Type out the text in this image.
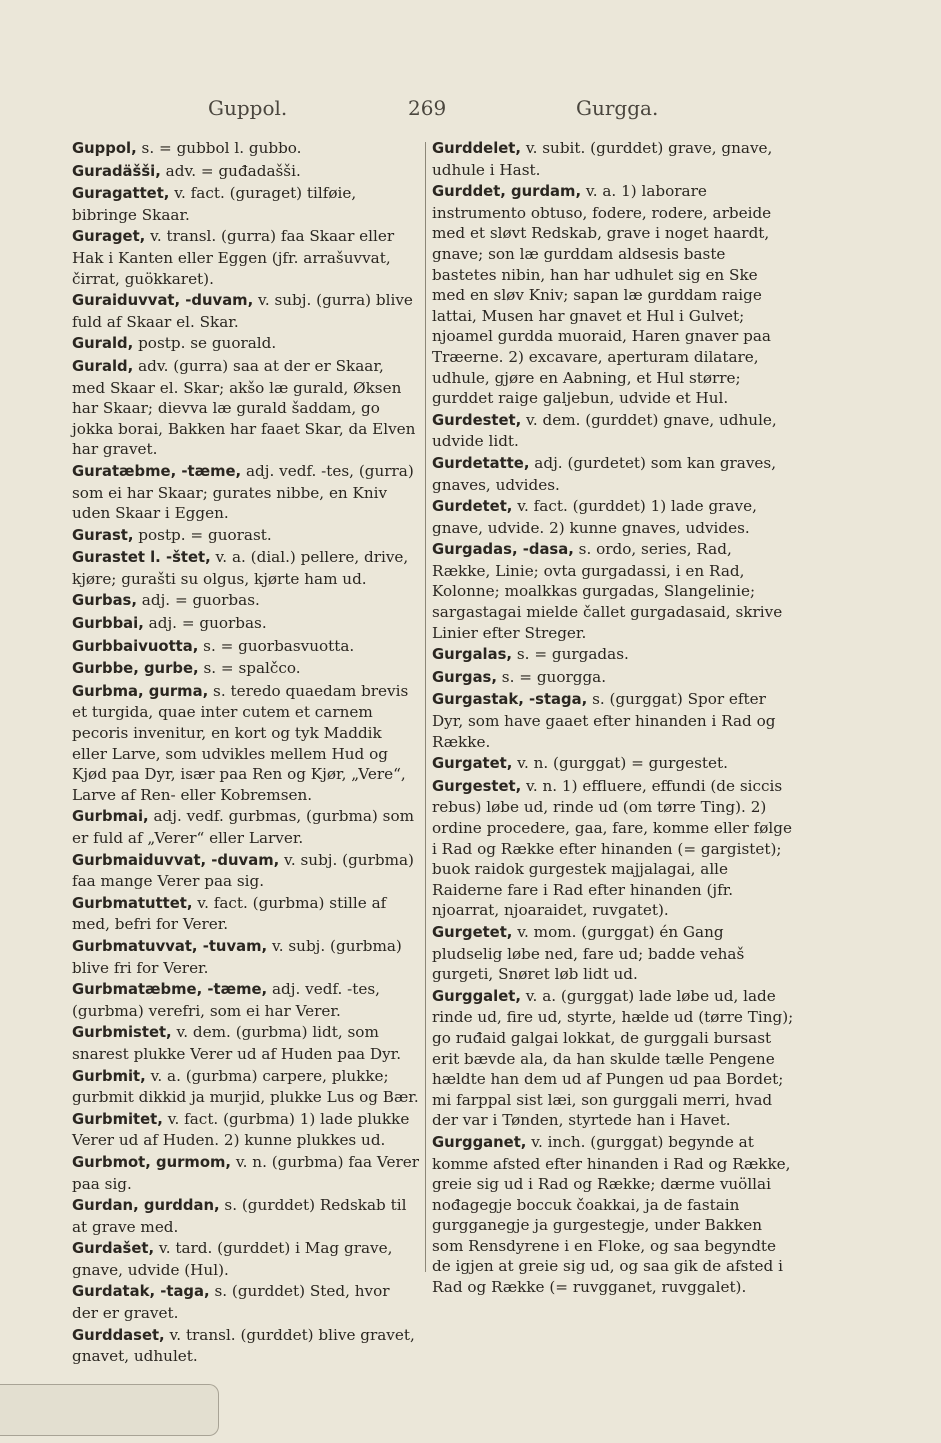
Guppol.	269	Gurgga.
Guppol, s. = gubbol l. gubbo.
Guradäšši, adv. = guđadašši.
Guragattet, v. fact. (guraget) tilføie, bibringe Skaar.
Guraget, v. transl. (gurra) faa Skaar eller Hak i Kanten eller Eggen (jfr. arrašuvvat, čirrat, guökkaret).
Guraiduvvat, -duvam, v. subj. (gurra) blive fuld af Skaar el. Skar.
Gurald, postp. se guorald.
Gurald, adv. (gurra) saa at der er Skaar, med Skaar el. Skar; akšo læ gurald, Øksen har Skaar; dievva læ gurald šaddam, go jokka borai, Bakken har faaet Skar, da Elven har gravet.
Guratæbme, -tæme, adj. vedf. -tes, (gurra) som ei har Skaar; gurates nibbe, en Kniv uden Skaar i Eggen.
Gurast, postp. = guorast.
Gurastet l. -štet, v. a. (dial.) pellere, drive, kjøre; gurašti su olgus, kjørte ham ud.
Gurbas, adj. = guorbas.
Gurbbai, adj. = guorbas.
Gurbbaivuotta, s. = guorbasvuotta.
Gurbbe, gurbe, s. = spalčco.
Gurbma, gurma, s. teredo quaedam brevis et turgida, quae inter cutem et carnem pecoris invenitur, en kort og tyk Maddik eller Larve, som udvikles mellem Hud og Kjød paa Dyr, især paa Ren og Kjør, „Vere“, Larve af Ren- eller Kobremsen.
Gurbmai, adj. vedf. gurbmas, (gurbma) som er fuld af „Verer“ eller Larver.
Gurbmaiduvvat, -duvam, v. subj. (gurbma) faa mange Verer paa sig.
Gurbmatuttet, v. fact. (gurbma) stille af med, befri for Verer.
Gurbmatuvvat, -tuvam, v. subj. (gurbma) blive fri for Verer.
Gurbmatæbme, -tæme, adj. vedf. -tes, (gurbma) verefri, som ei har Verer.
Gurbmistet, v. dem. (gurbma) lidt, som snarest plukke Verer ud af Huden paa Dyr.
Gurbmit, v. a. (gurbma) carpere, plukke; gurbmit dikkid ja murjid, plukke Lus og Bær.
Gurbmitet, v. fact. (gurbma) 1) lade plukke Verer ud af Huden. 2) kunne plukkes ud.
Gurbmot, gurmom, v. n. (gurbma) faa Verer paa sig.
Gurdan, gurddan, s. (gurddet) Redskab til at grave med.
Gurdašet, v. tard. (gurddet) i Mag grave, gnave, udvide (Hul).
Gurdatak, -taga, s. (gurddet) Sted, hvor der er gravet.
Gurddaset, v. transl. (gurddet) blive gravet, gnavet, udhulet.
Gurddelet, v. subit. (gurddet) grave, gnave, udhule i Hast.
Gurddet, gurdam, v. a. 1) laborare instrumento obtuso, fodere, rodere, arbeide med et sløvt Redskab, grave i noget haardt, gnave; son læ gurddam aldsesis baste bastetes nibin, han har udhulet sig en Ske med en sløv Kniv; sapan læ gurddam raige lattai, Musen har gnavet et Hul i Gulvet; njoamel gurdda muoraid, Haren gnaver paa Træerne. 2) excavare, aperturam dilatare, udhule, gjøre en Aabning, et Hul større; gurddet raige galjebun, udvide et Hul.
Gurdestet, v. dem. (gurddet) gnave, udhule, udvide lidt.
Gurdetatte, adj. (gurdetet) som kan graves, gnaves, udvides.
Gurdetet, v. fact. (gurddet) 1) lade grave, gnave, udvide. 2) kunne gnaves, udvides.
Gurgadas, -dasa, s. ordo, series, Rad, Række, Linie; ovta gurgadassi, i en Rad, Kolonne; moalkkas gurgadas, Slangelinie; sargastagai mielde čallet gurgadasaid, skrive Linier efter Streger.
Gurgalas, s. = gurgadas.
Gurgas, s. = guorgga.
Gurgastak, -staga, s. (gurggat) Spor efter Dyr, som have gaaet efter hinanden i Rad og Række.
Gurgatet, v. n. (gurggat) = gurgestet.
Gurgestet, v. n. 1) effluere, effundi (de siccis rebus) løbe ud, rinde ud (om tørre Ting). 2) ordine procedere, gaa, fare, komme eller følge i Rad og Række efter hinanden (= gargistet); buok raidok gurgestek majjalagai, alle Raiderne fare i Rad efter hinanden (jfr. njoarrat, njoaraidet, ruvgatet).
Gurgetet, v. mom. (gurggat) én Gang pludselig løbe ned, fare ud; badde vehaš gurgeti, Snøret løb lidt ud.
Gurggalet, v. a. (gurggat) lade løbe ud, lade rinde ud, fire ud, styrte, hælde ud (tørre Ting); go ruđaid galgai lokkat, de gurggali bursast erit bævde ala, da han skulde tælle Pengene hældte han dem ud af Pungen ud paa Bordet; mi farppal sist læi, son gurggali merri, hvad der var i Tønden, styrtede han i Havet.
Gurgganet, v. inch. (gurggat) begynde at komme afsted efter hinanden i Rad og Række, greie sig ud i Rad og Række; dærme vuöllai nođagegje boccuk čoakkai, ja de fastain gurgganegje ja gurgestegje, under Bakken som Rensdyrene i en Floke, og saa begyndte de igjen at greie sig ud, og saa gik de afsted i Rad og Række (= ruvgganet, ruvggalet).
